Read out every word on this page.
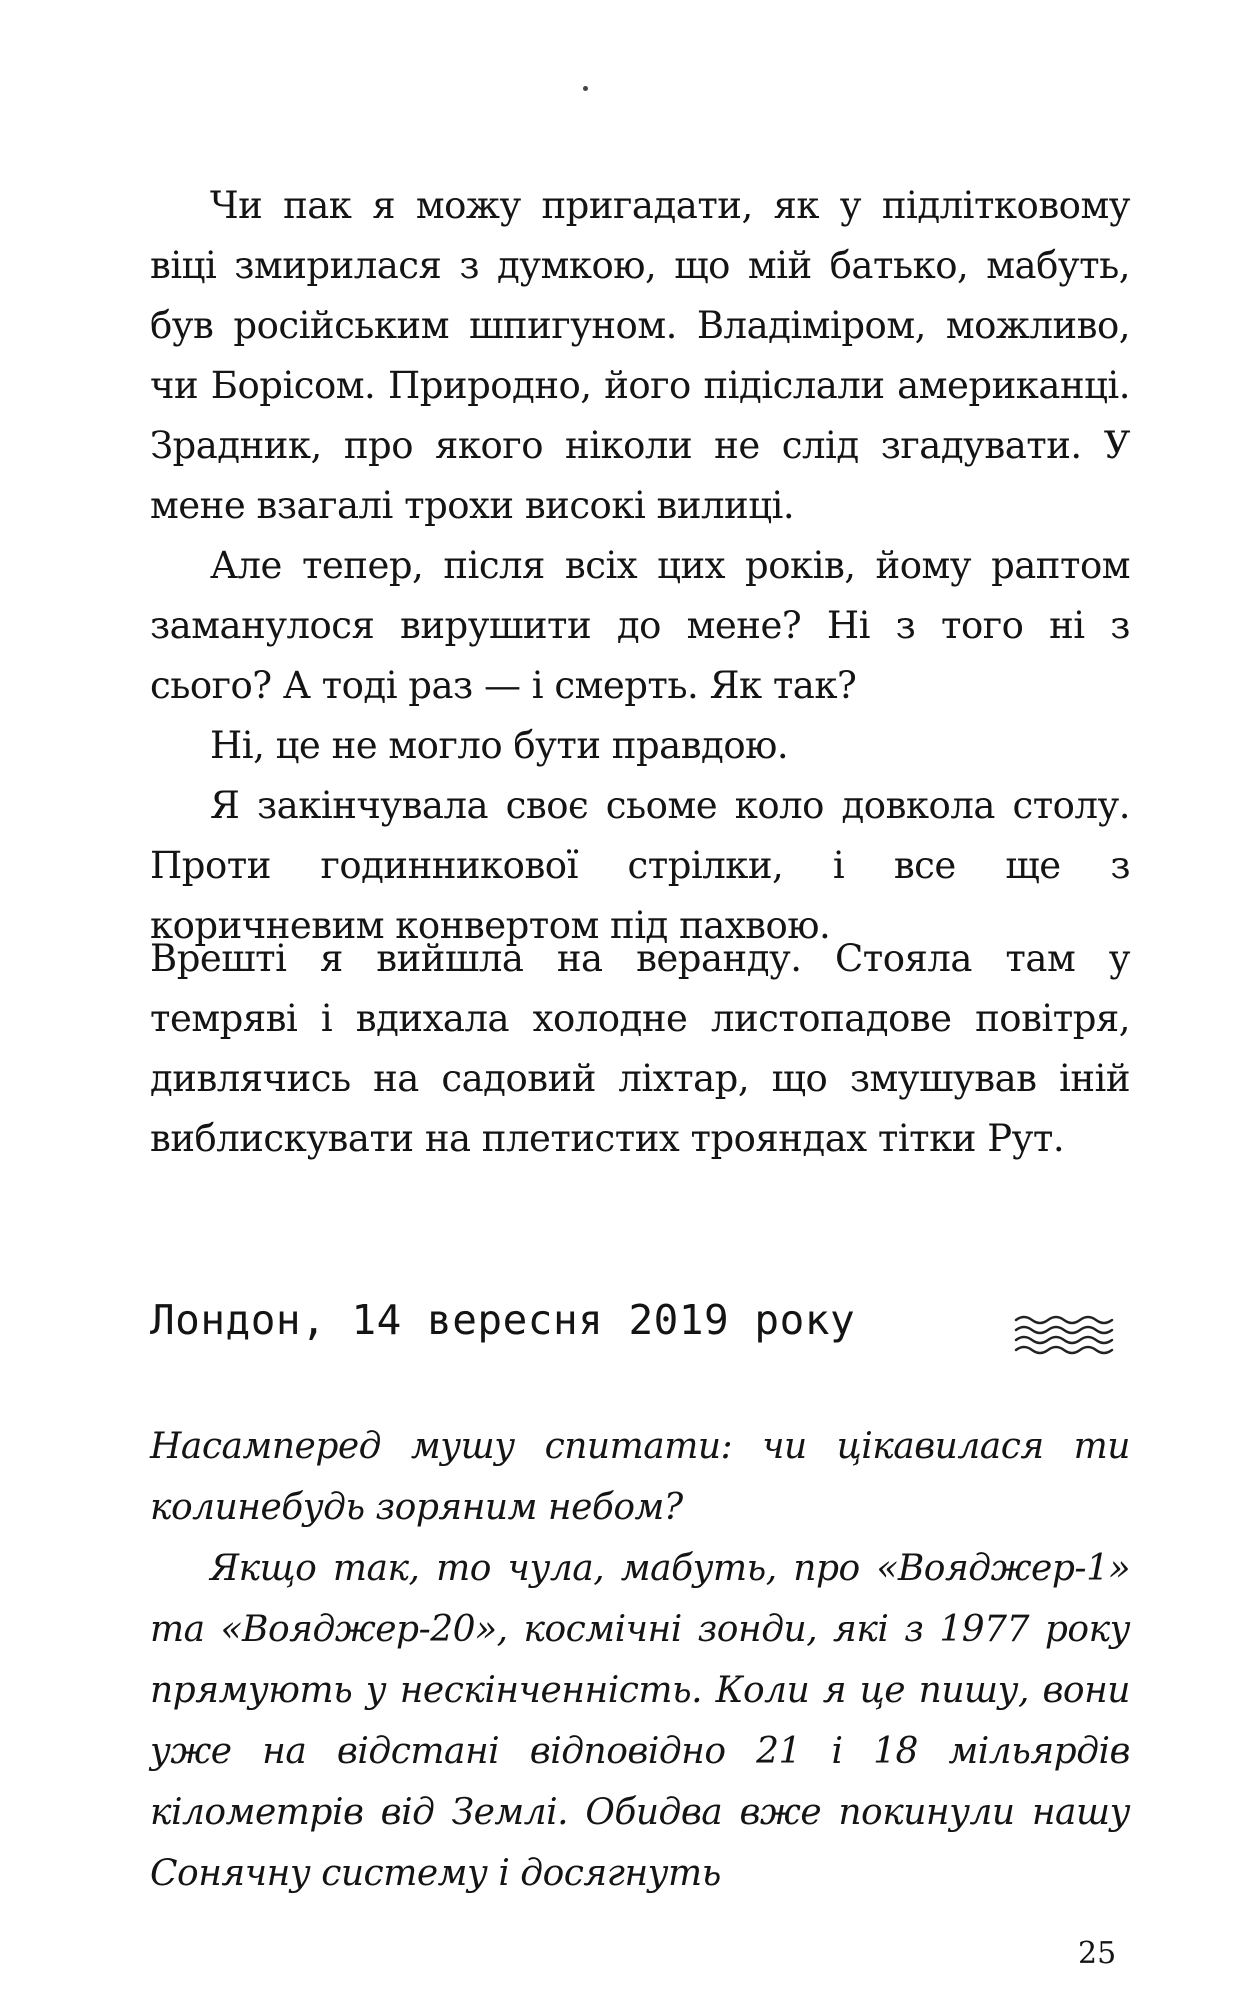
Чи пак я можу пригадати, як у підлітковому віці змирилася з думкою, що мій батько, мабуть, був російським шпигуном. Владіміром, можливо, чи Борісом. Природно, його підіслали американці. Зрадник, про якого ніколи не слід згадувати. У мене взагалі трохи високі вилиці.

Але тепер, після всіх цих років, йому раптом заманулося вирушити до мене? Ні з того ні з сього? А тоді раз — і смерть. Як так?

Ні, це не могло бути правдою.

Я закінчувала своє сьоме коло довкола столу. Проти годинникової стрілки, і все ще з коричневим конвертом під пахвою.

Врешті я вийшла на веранду. Стояла там у темряві і вдихала холодне листопадове повітря, дивлячись на садовий ліхтар, що змушував іній виблискувати на плетистих трояндах тітки Рут.

Лондон, 14 вересня 2019 року

Насамперед мушу спитати: чи цікавилася ти колинебудь зоряним небом?

Якщо так, то чула, мабуть, про «Вояджер-1» та «Вояджер-20», космічні зонди, які з 1977 року прямують у нескінченність. Коли я це пишу, вони уже на відстані відповідно 21 і 18 мільярдів кілометрів від Землі. Обидва вже покинули нашу Сонячну систему і досягнуть

25
